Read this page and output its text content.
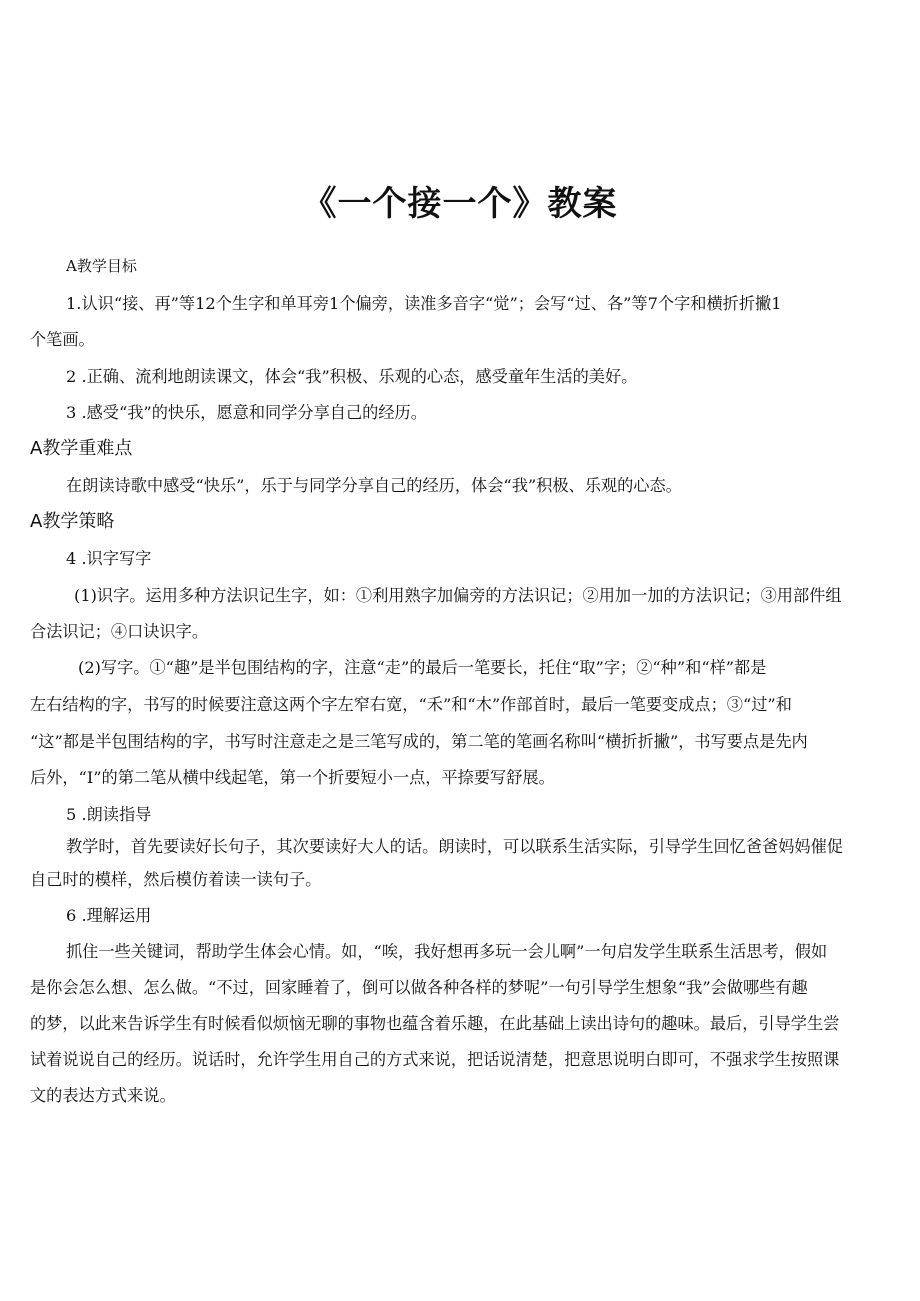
《一个接一个》教案
A教学目标
1.认识“接、再”等12个生字和单耳旁1个偏旁，读准多音字“觉”；会写“过、各”等7个字和横折折撇1
个笔画。
2 .正确、流利地朗读课文，体会“我”积极、乐观的心态，感受童年生活的美好。
3 .感受“我”的快乐，愿意和同学分享自己的经历。
A教学重难点
在朗读诗歌中感受“快乐”，乐于与同学分享自己的经历，体会“我”积极、乐观的心态。
A教学策略
4 .识字写字
(1)识字。运用多种方法识记生字，如：①利用熟字加偏旁的方法识记；②用加一加的方法识记；③用部件组
合法识记；④口诀识字。
(2)写字。①“趣”是半包围结构的字，注意“走”的最后一笔要长，托住“取”字；②“种”和“样”都是
左右结构的字，书写的时候要注意这两个字左窄右宽，“禾”和“木”作部首时，最后一笔要变成点；③“过”和
“这”都是半包围结构的字，书写时注意走之是三笔写成的，第二笔的笔画名称叫“横折折撇”，书写要点是先内
后外，“I”的第二笔从横中线起笔，第一个折要短小一点，平捺要写舒展。
5 .朗读指导
教学时，首先要读好长句子，其次要读好大人的话。朗读时，可以联系生活实际，引导学生回忆爸爸妈妈催促
自己时的模样，然后模仿着读一读句子。
6 .理解运用
抓住一些关键词，帮助学生体会心情。如，“唉，我好想再多玩一会儿啊”一句启发学生联系生活思考，假如
是你会怎么想、怎么做。“不过，回家睡着了，倒可以做各种各样的梦呢”一句引导学生想象“我”会做哪些有趣
的梦，以此来告诉学生有时候看似烦恼无聊的事物也蕴含着乐趣，在此基础上读出诗句的趣味。最后，引导学生尝
试着说说自己的经历。说话时，允许学生用自己的方式来说，把话说清楚，把意思说明白即可，不强求学生按照课
文的表达方式来说。
